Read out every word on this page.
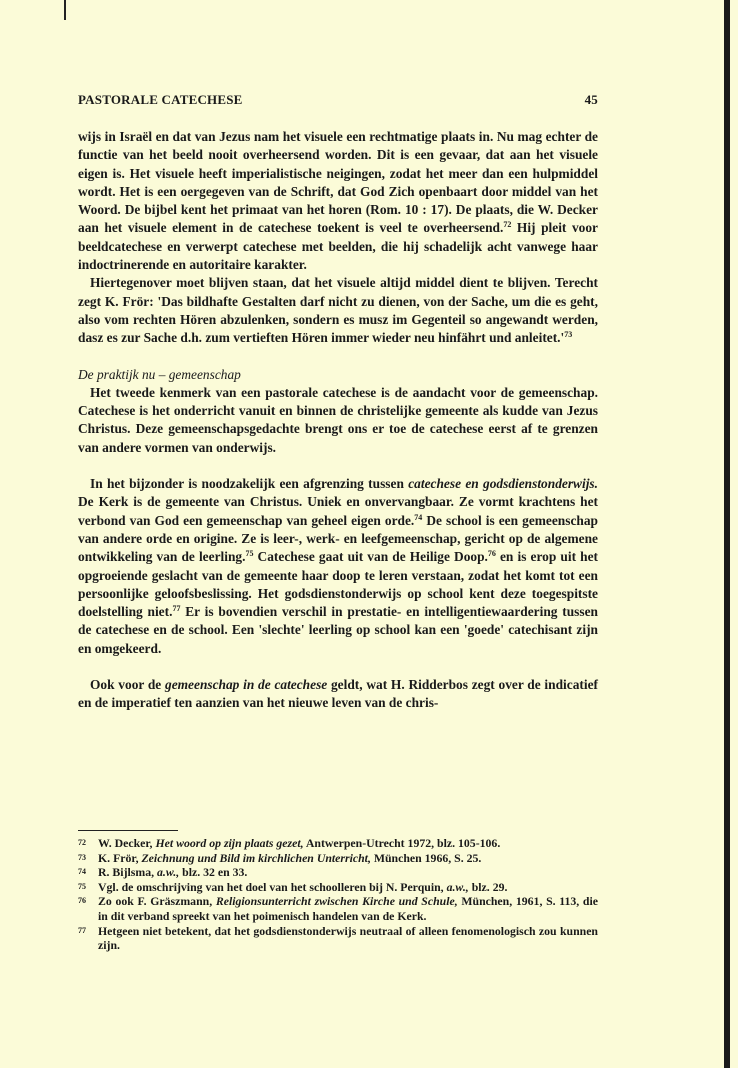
PASTORALE CATECHESE	45

wijs in Israël en dat van Jezus nam het visuele een rechtmatige plaats in. Nu mag echter de functie van het beeld nooit overheersend worden. Dit is een gevaar, dat aan het visuele eigen is. Het visuele heeft imperialistische neigingen, zodat het meer dan een hulpmiddel wordt. Het is een oergegeven van de Schrift, dat God Zich openbaart door middel van het Woord. De bijbel kent het primaat van het horen (Rom. 10 : 17). De plaats, die W. Decker aan het visuele element in de catechese toekent is veel te overheersend.$^{72}$ Hij pleit voor beeldcatechese en verwerpt catechese met beelden, die hij schadelijk acht vanwege haar indoctrinerende en autoritaire karakter.

Hiertegenover moet blijven staan, dat het visuele altijd middel dient te blijven. Terecht zegt K. Frör: 'Das bildhafte Gestalten darf nicht zu dienen, von der Sache, um die es geht, also vom rechten Hören abzulenken, sondern es musz im Gegenteil so angewandt werden, dasz es zur Sache d.h. zum vertieften Hören immer wieder neu hinfährt und $anleitet.'^{73}$

De praktijk nu – gemeenschap

Het tweede kenmerk van een pastorale catechese is de aandacht voor de gemeenschap. Catechese is het onderricht vanuit en binnen de christelijke gemeente als kudde van Jezus Christus. Deze gemeenschapsgedachte brengt ons er toe de catechese eerst af te grenzen van andere vormen van onderwijs.

In het bijzonder is noodzakelijk een afgrenzing tussen catechese en godsdienstonderwijs. De Kerk is de gemeente van Christus. Uniek en onvervangbaar. Ze vormt krachtens het verbond van God een gemeenschap van geheel eigen orde.$^{74}$ De school is een gemeenschap van andere orde en origine. Ze is leer-, werk- en leefgemeenschap, gericht op de algemene ontwikkeling van de leerling.$^{75}$ Catechese gaat uit van de Heilige Doop.$^{76}$ en is erop uit het opgroeiende geslacht van de gemeente haar doop te leren verstaan, zodat het komt tot een persoonlijke geloofsbeslissing. Het godsdienstonderwijs op school kent deze toegespitste doelstelling niet.$^{77}$ Er is bovendien verschil in prestatie- en intelligentiewaardering tussen de catechese en de school. Een 'slechte' leerling op school kan een 'goede' catechisant zijn en omgekeerd.

Ook voor de gemeenschap in de catechese geldt, wat H. Ridderbos zegt over de indicatief en de imperatief ten aanzien van het nieuwe leven van de chris-

72 W. Decker, Het woord op zijn plaats gezet, Antwerpen-Utrecht 1972, blz. 105-106.
73 K. Frör, Zeichnung und Bild im kirchlichen Unterricht, München 1966, S. 25.
74 R. Bijlsma, a.w., blz. 32 en 33.
75 Vgl. de omschrijving van het doel van het schoolleren bij N. Perquin, a.w., blz. 29.
76 Zo ook F. Gräszmann, Religionsunterricht zwischen Kirche und Schule, München, 1961, S. 113, die in dit verband spreekt van het poimenisch handelen van de Kerk.
77 Hetgeen niet betekent, dat het godsdienstonderwijs neutraal of alleen fenomenologisch zou kunnen zijn.
